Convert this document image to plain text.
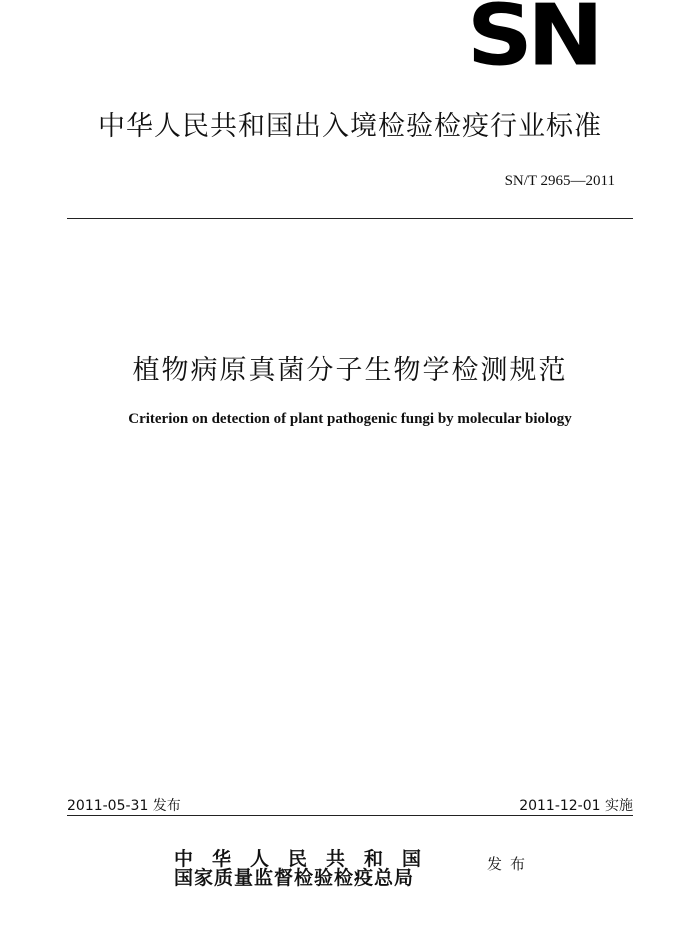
SN
中华人民共和国出入境检验检疫行业标准
SN/T 2965—2011
植物病原真菌分子生物学检测规范
Criterion on detection of plant pathogenic fungi by molecular biology
2011-05-31 发布	2011-12-01 实施
中华人民共和国
国家质量监督检验检疫总局
发布
